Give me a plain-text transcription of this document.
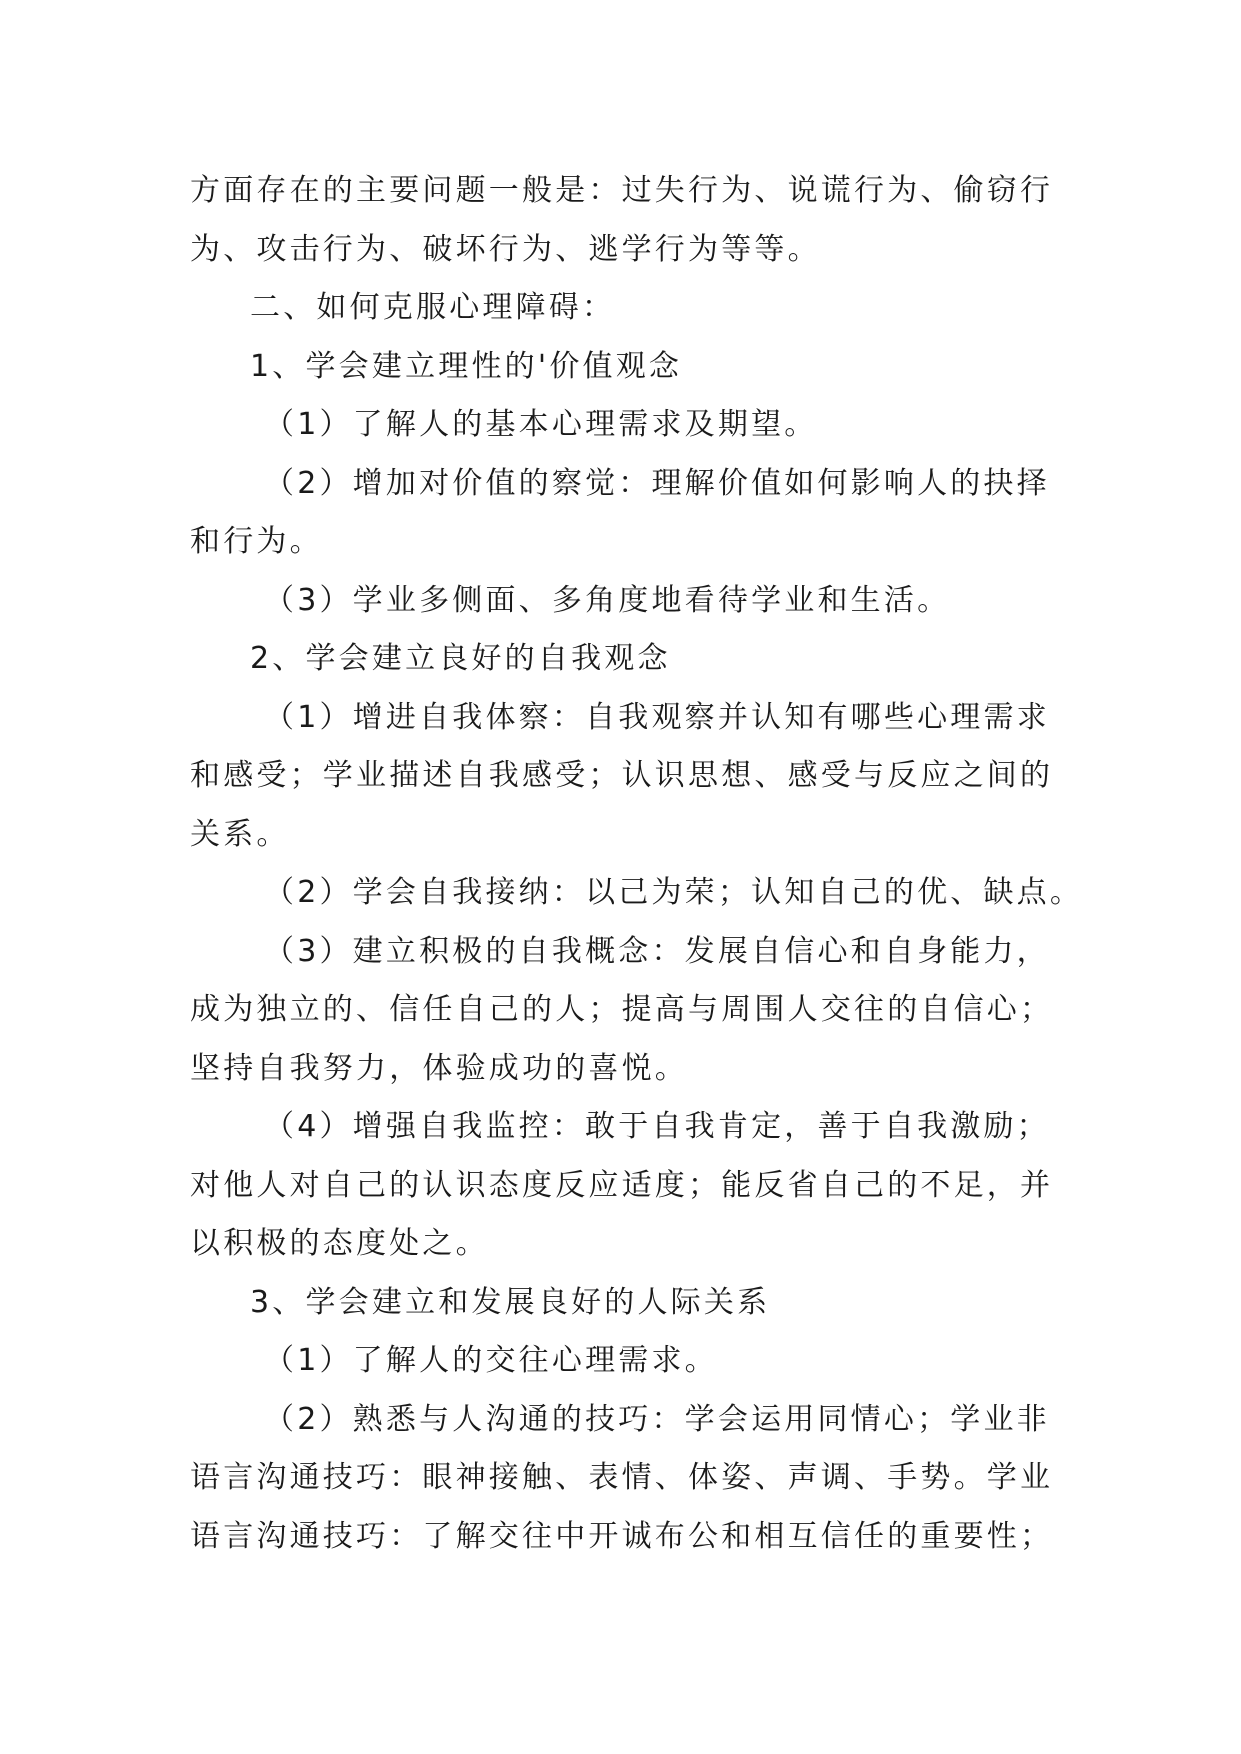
方面存在的主要问题一般是：过失行为、说谎行为、偷窃行
为、攻击行为、破坏行为、逃学行为等等。
二、如何克服心理障碍：
1、学会建立理性的'价值观念
（1）了解人的基本心理需求及期望。
（2）增加对价值的察觉：理解价值如何影响人的抉择
和行为。
（3）学业多侧面、多角度地看待学业和生活。
2、学会建立良好的自我观念
（1）增进自我体察：自我观察并认知有哪些心理需求
和感受；学业描述自我感受；认识思想、感受与反应之间的
关系。
（2）学会自我接纳：以己为荣；认知自己的优、缺点。
（3）建立积极的自我概念：发展自信心和自身能力，
成为独立的、信任自己的人；提高与周围人交往的自信心；
坚持自我努力，体验成功的喜悦。
（4）增强自我监控：敢于自我肯定，善于自我激励；
对他人对自己的认识态度反应适度；能反省自己的不足，并
以积极的态度处之。
3、学会建立和发展良好的人际关系
（1）了解人的交往心理需求。
（2）熟悉与人沟通的技巧：学会运用同情心；学业非
语言沟通技巧：眼神接触、表情、体姿、声调、手势。学业
语言沟通技巧：了解交往中开诚布公和相互信任的重要性；
